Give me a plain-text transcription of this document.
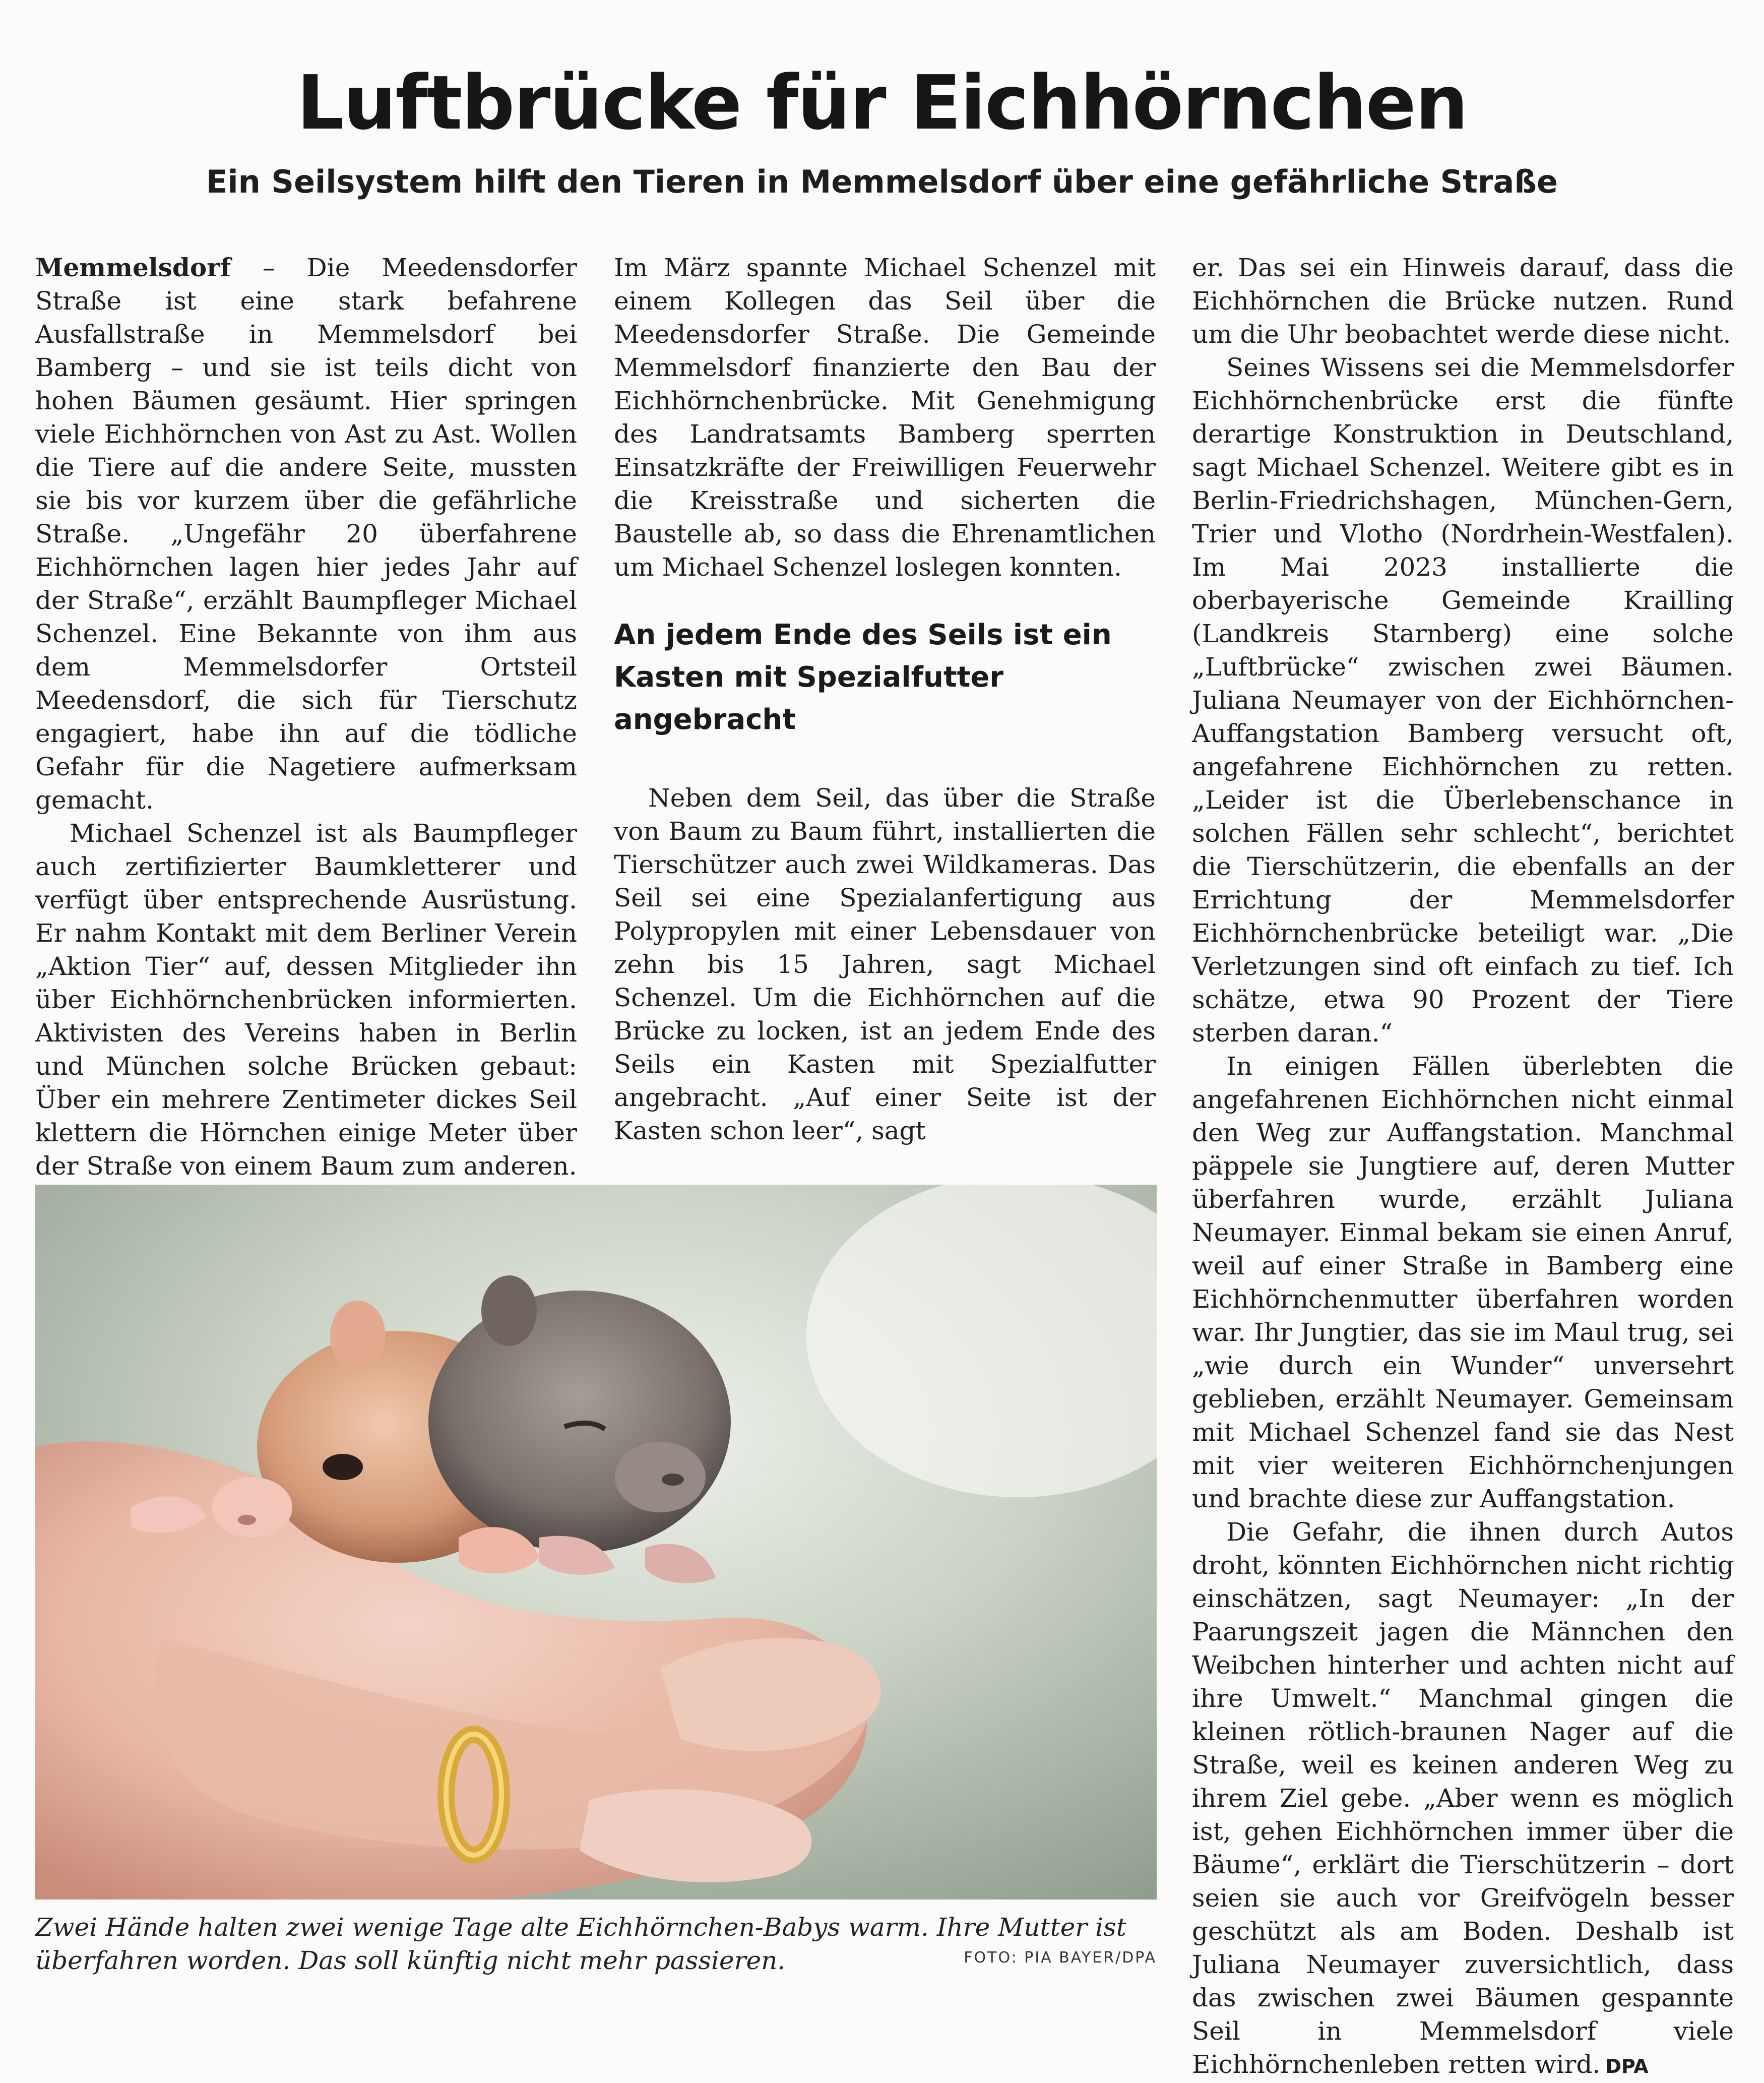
Luftbrücke für Eichhörnchen
Ein Seilsystem hilft den Tieren in Memmelsdorf über eine gefährliche Straße

Memmelsdorf – Die Meedensdorfer Straße ist eine stark befahrene Ausfallstraße in Memmelsdorf bei Bamberg – und sie ist teils dicht von hohen Bäumen gesäumt. Hier springen viele Eichhörnchen von Ast zu Ast. Wollen die Tiere auf die andere Seite, mussten sie bis vor kurzem über die gefährliche Straße. „Ungefähr 20 überfahrene Eichhörnchen lagen hier jedes Jahr auf der Straße“, erzählt Baumpfleger Michael Schenzel. Eine Bekannte von ihm aus dem Memmelsdorfer Ortsteil Meedensdorf, die sich für Tierschutz engagiert, habe ihn auf die tödliche Gefahr für die Nagetiere aufmerksam gemacht.

Michael Schenzel ist als Baumpfleger auch zertifizierter Baumkletterer und verfügt über entsprechende Ausrüstung. Er nahm Kontakt mit dem Berliner Verein „Aktion Tier“ auf, dessen Mitglieder ihn über Eichhörnchenbrücken informierten. Aktivisten des Vereins haben in Berlin und München solche Brücken gebaut: Über ein mehrere Zentimeter dickes Seil klettern die Hörnchen einige Meter über der Straße von einem Baum zum anderen.

Im März spannte Michael Schenzel mit einem Kollegen das Seil über die Meedensdorfer Straße. Die Gemeinde Memmelsdorf finanzierte den Bau der Eichhörnchenbrücke. Mit Genehmigung des Landratsamts Bamberg sperrten Einsatzkräfte der Freiwilligen Feuerwehr die Kreisstraße und sicherten die Baustelle ab, so dass die Ehrenamtlichen um Michael Schenzel loslegen konnten.

An jedem Ende des Seils ist ein Kasten mit Spezialfutter angebracht

Neben dem Seil, das über die Straße von Baum zu Baum führt, installierten die Tierschützer auch zwei Wildkameras. Das Seil sei eine Spezialanfertigung aus Polypropylen mit einer Lebensdauer von zehn bis 15 Jahren, sagt Michael Schenzel. Um die Eichhörnchen auf die Brücke zu locken, ist an jedem Ende des Seils ein Kasten mit Spezialfutter angebracht. „Auf einer Seite ist der Kasten schon leer“, sagt

er. Das sei ein Hinweis darauf, dass die Eichhörnchen die Brücke nutzen. Rund um die Uhr beobachtet werde diese nicht.

Seines Wissens sei die Memmelsdorfer Eichhörnchenbrücke erst die fünfte derartige Konstruktion in Deutschland, sagt Michael Schenzel. Weitere gibt es in Berlin-Friedrichshagen, München-Gern, Trier und Vlotho (Nordrhein-Westfalen). Im Mai 2023 installierte die oberbayerische Gemeinde Krailling (Landkreis Starnberg) eine solche „Luftbrücke“ zwischen zwei Bäumen. Juliana Neumayer von der Eichhörnchen-Auffangstation Bamberg versucht oft, angefahrene Eichhörnchen zu retten. „Leider ist die Überlebenschance in solchen Fällen sehr schlecht“, berichtet die Tierschützerin, die ebenfalls an der Errichtung der Memmelsdorfer Eichhörnchenbrücke beteiligt war. „Die Verletzungen sind oft einfach zu tief. Ich schätze, etwa 90 Prozent der Tiere sterben daran.“

In einigen Fällen überlebten die angefahrenen Eichhörnchen nicht einmal den Weg zur Auffangstation. Manchmal päppele sie Jungtiere auf, deren Mutter überfahren wurde, erzählt Juliana Neumayer. Einmal bekam sie einen Anruf, weil auf einer Straße in Bamberg eine Eichhörnchenmutter überfahren worden war. Ihr Jungtier, das sie im Maul trug, sei „wie durch ein Wunder“ unversehrt geblieben, erzählt Neumayer. Gemeinsam mit Michael Schenzel fand sie das Nest mit vier weiteren Eichhörnchenjungen und brachte diese zur Auffangstation.

Die Gefahr, die ihnen durch Autos droht, könnten Eichhörnchen nicht richtig einschätzen, sagt Neumayer: „In der Paarungszeit jagen die Männchen den Weibchen hinterher und achten nicht auf ihre Umwelt.“ Manchmal gingen die kleinen rötlich-braunen Nager auf die Straße, weil es keinen anderen Weg zu ihrem Ziel gebe. „Aber wenn es möglich ist, gehen Eichhörnchen immer über die Bäume“, erklärt die Tierschützerin – dort seien sie auch vor Greifvögeln besser geschützt als am Boden. Deshalb ist Juliana Neumayer zuversichtlich, dass das zwischen zwei Bäumen gespannte Seil in Memmelsdorf viele Eichhörnchenleben retten wird. DPA

Zwei Hände halten zwei wenige Tage alte Eichhörnchen-Babys warm. Ihre Mutter ist überfahren worden. Das soll künftig nicht mehr passieren.	FOTO: PIA BAYER/DPA
